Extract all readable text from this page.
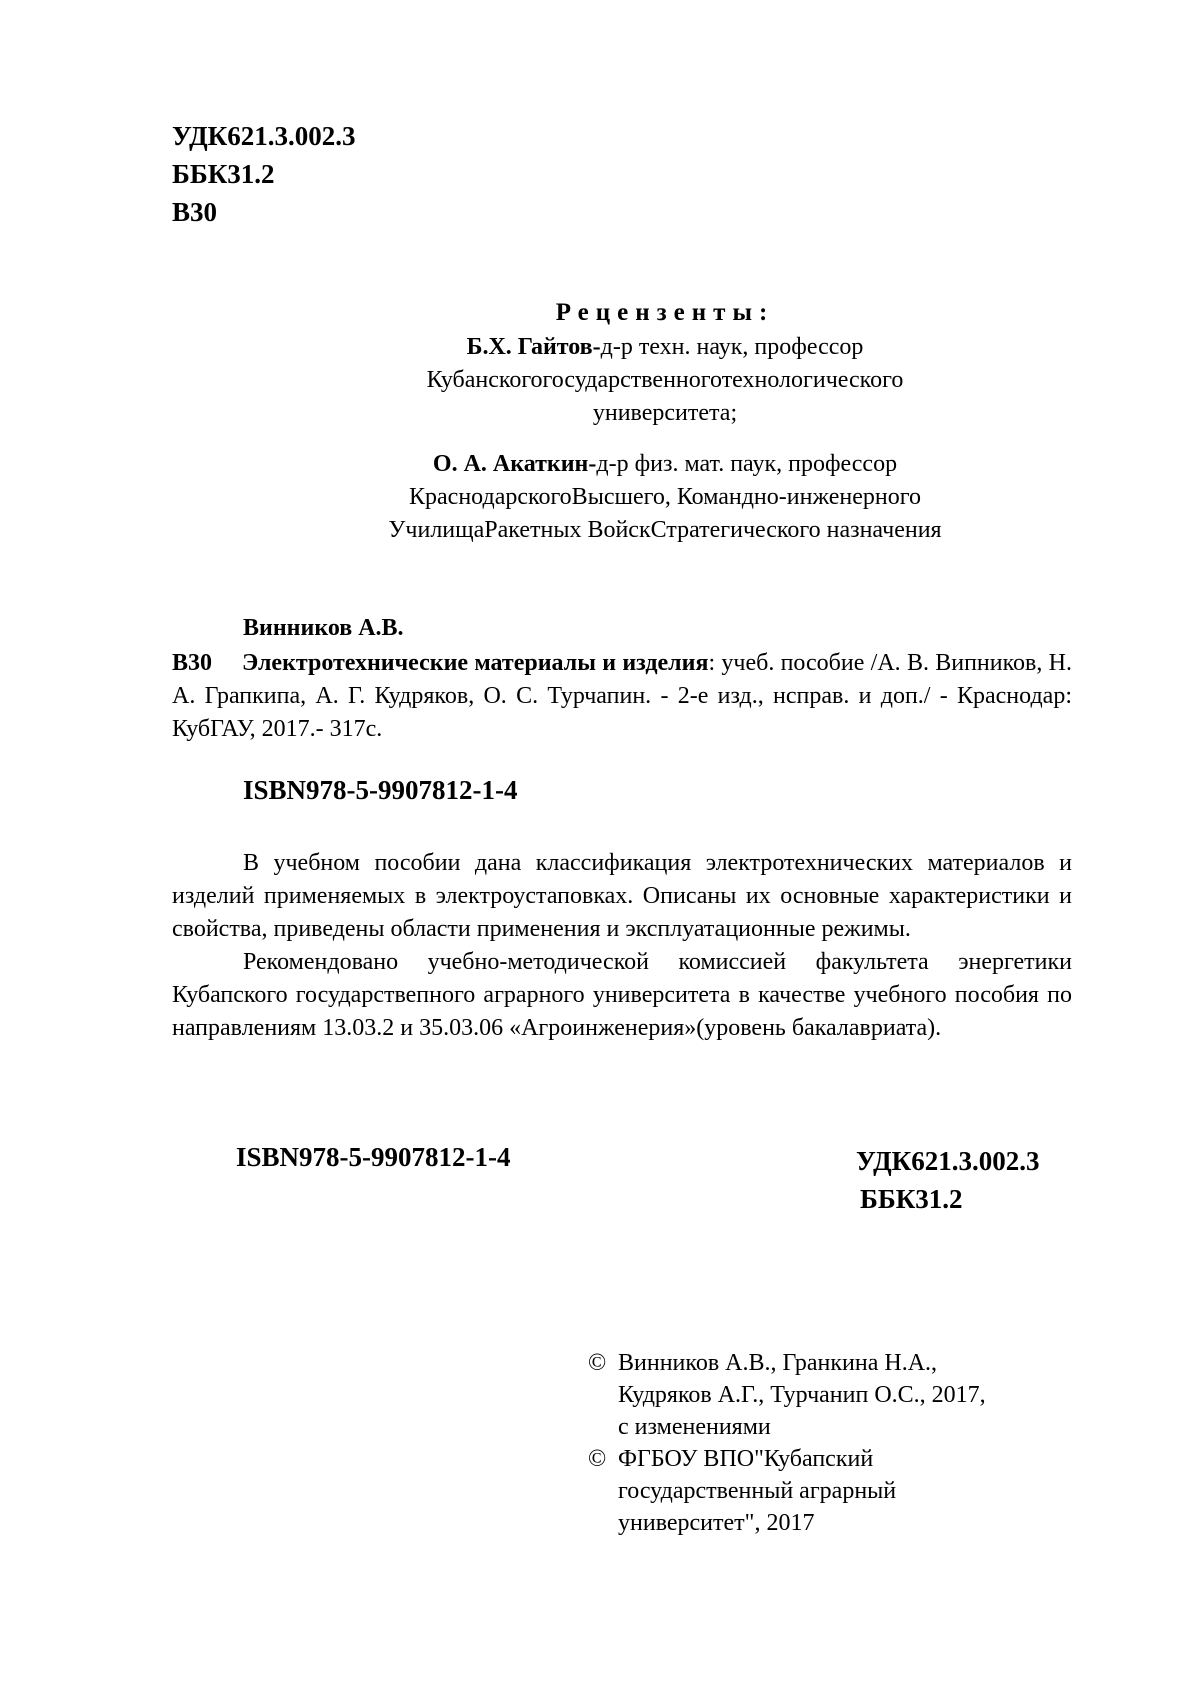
УДК621.3.002.3
ББК31.2
В30
Рецензенты:
Б.Х. Гайтов-д-р техн. наук, профессор
Кубанскогогосударственноготехнологического
университета;
О. А. Акаткин-д-р физ. мат. паук, профессор
КраснодарскогоВысшего, Командно-инженерного
УчилищаРакетных ВойскСтратегического назначения
Винников А.В.
В30 Электротехнические материалы и изделия: учеб. пособие /А. В. Випников, Н. А. Грапкипа, А. Г. Кудряков, О. С. Турчапин. - 2-е изд., нсправ. и доп./ - Краснодар: КубГАУ, 2017.- 317с.
ISBN978-5-9907812-1-4

В учебном пособии дана классификация электротехнических материалов и изделий применяемых в электроустаповках. Описаны их основные характеристики и свойства, приведены области применения и эксплуатационные режимы.

Рекомендовано учебно-методической комиссией факультета энергетики Кубапского государствепного аграрного университета в качестве учебного пособия по направлениям 13.03.2 и 35.03.06 «Агроинженерия»(уровень бакалавриата).

ISBN978-5-9907812-1-4	УДК621.3.002.3
ББК31.2
© Винников А.В., Гранкина Н.А.,
Кудряков А.Г., Турчанип О.С., 2017,
с изменениями
© ФГБОУ ВПО"Кубапский
государственный аграрный
университет", 2017
